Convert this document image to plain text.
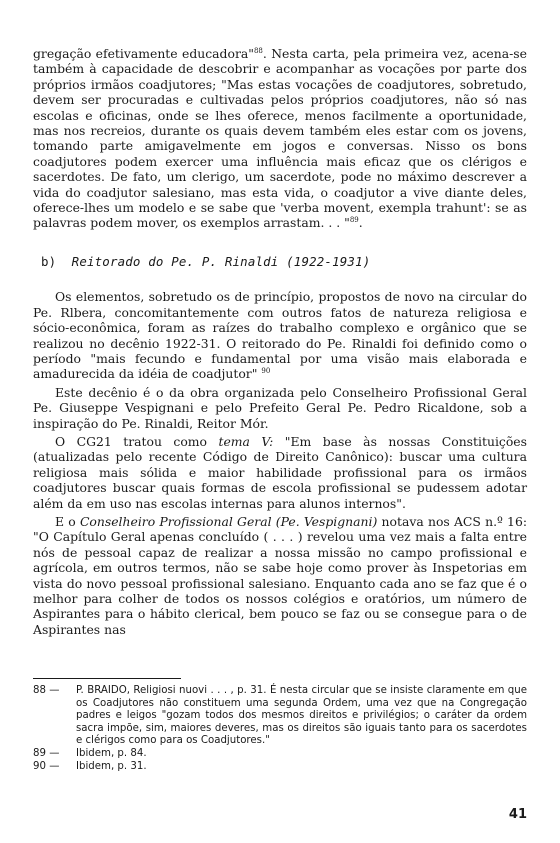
gregação efetivamente educadora"$^{88}$. Nesta carta, pela primeira vez, acena-se também à capacidade de descobrir e acompanhar as vocações por parte dos próprios irmãos coadjutores; "Mas estas vocações de coadjutores, sobretudo, devem ser procuradas e cultivadas pelos próprios coadjutores, não só nas escolas e oficinas, onde se lhes oferece, menos facilmente a oportunidade, mas nos recreios, durante os quais devem também eles estar com os jovens, tomando parte amigavelmente em jogos e conversas. Nisso os bons coadjutores podem exercer uma influência mais eficaz que os clérigos e sacerdotes. De fato, um clerigo, um sacerdote, pode no máximo descrever a vida do coadjutor salesiano, mas esta vida, o coadjutor a vive diante deles, oferece-lhes um modelo e se sabe que 'verba movent, exempla trahunt': se as palavras podem mover, os exemplos arrastam. . . "$^{89}$.

b) Reitorado do Pe. P. Rinaldi (1922-1931)

Os elementos, sobretudo os de princípio, propostos de novo na circular do Pe. Rlbera, concomitantemente com outros fatos de natureza religiosa e sócio-econômica, foram as raízes do trabalho complexo e orgânico que se realizou no decênio 1922-31. O reitorado do Pe. Rinaldi foi definido como o período "mais fecundo e fundamental por uma visão mais elaborada e amadurecida da idéia de coadjutor" $^{90}$

Este decênio é o da obra organizada pelo Conselheiro Profissional Geral Pe. Giuseppe Vespignani e pelo Prefeito Geral Pe. Pedro Ricaldone, sob a inspiração do Pe. Rinaldi, Reitor Mór.

O CG21 tratou como tema V: "Em base às nossas Constituições (atualizadas pelo recente Código de Direito Canônico): buscar uma cultura religiosa mais sólida e maior habilidade profissional para os irmãos coadjutores buscar quais formas de escola profissional se pudessem adotar além da em uso nas escolas internas para alunos internos".

E o Conselheiro Profissional Geral (Pe. Vespignani) notava nos ACS n.º 16: "O Capítulo Geral apenas concluído ( . . . ) revelou uma vez mais a falta entre nós de pessoal capaz de realizar a nossa missão no campo profissional e agrícola, em outros termos, não se sabe hoje como prover às Inspetorias em vista do novo pessoal profissional salesiano. Enquanto cada ano se faz que é o melhor para colher de todos os nossos colégios e oratórios, um número de Aspirantes para o hábito clerical, bem pouco se faz ou se consegue para o de Aspirantes nas

88 —	P. BRAIDO, Religiosi nuovi . . . , p. 31. É nesta circular que se insiste claramente em que os Coadjutores não constituem uma segunda Ordem, uma vez que na Congregação padres e leigos "gozam todos dos mesmos direitos e privilégios; o caráter da ordem sacra impõe, sim, maiores deveres, mas os direitos são iguais tanto para os sacerdotes e clérigos como para os Coadjutores."
89 —	Ibidem, p. 84.
90 —	Ibidem, p. 31.
41
